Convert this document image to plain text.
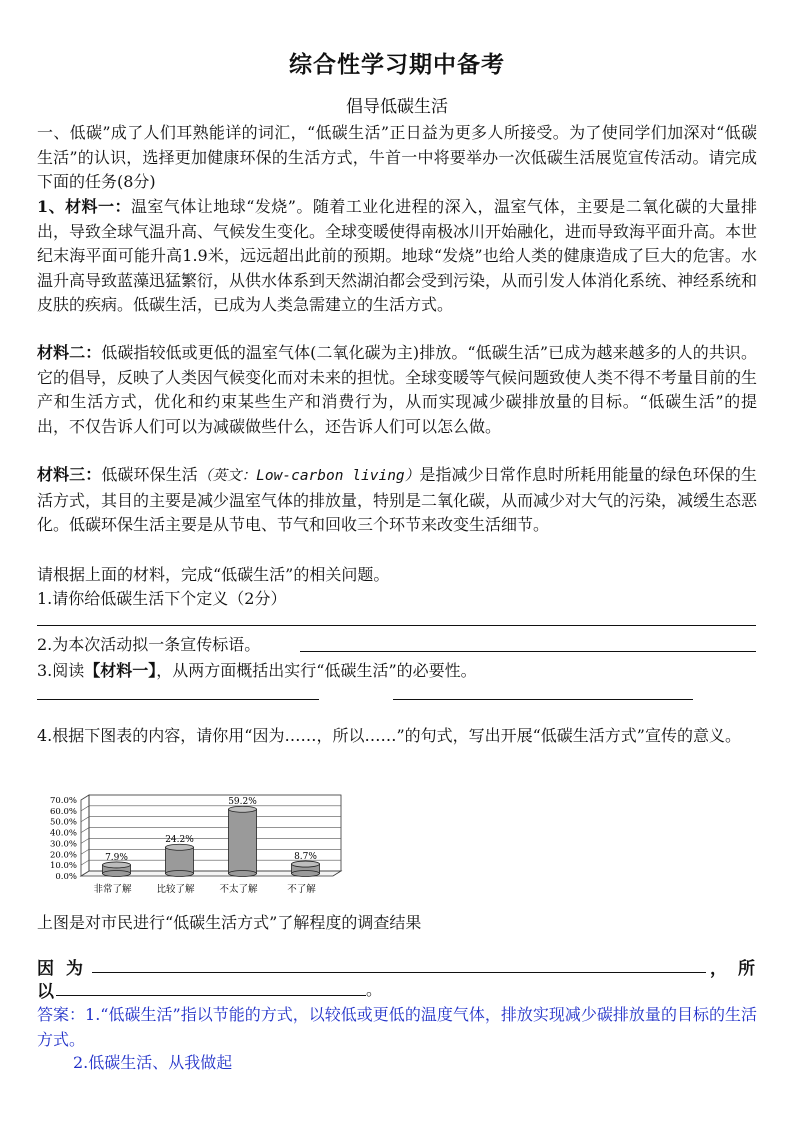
综合性学习期中备考
倡导低碳生活
一、低碳”成了人们耳熟能详的词汇，“低碳生活”正日益为更多人所接受。为了使同学们加深对“低碳生活”的认识，选择更加健康环保的生活方式，牛首一中将要举办一次低碳生活展览宣传活动。请完成下面的任务(8分)
1、材料一：温室气体让地球“发烧”。随着工业化进程的深入，温室气体，主要是二氧化碳的大量排出，导致全球气温升高、气候发生变化。全球变暖使得南极冰川开始融化，进而导致海平面升高。本世纪末海平面可能升高1.9米，远远超出此前的预期。地球“发烧”也给人类的健康造成了巨大的危害。水温升高导致蓝藻迅猛繁衍，从供水体系到天然湖泊都会受到污染，从而引发人体消化系统、神经系统和皮肤的疾病。低碳生活，已成为人类急需建立的生活方式。
材料二：低碳指较低或更低的温室气体(二氧化碳为主)排放。“低碳生活”已成为越来越多的人的共识。它的倡导，反映了人类因气候变化而对未来的担忧。全球变暖等气候问题致使人类不得不考量目前的生产和生活方式，优化和约束某些生产和消费行为，从而实现减少碳排放量的目标。“低碳生活”的提出，不仅告诉人们可以为减碳做些什么，还告诉人们可以怎么做。
材料三：低碳环保生活（英文：Low-carbon living）是指减少日常作息时所耗用能量的绿色环保的生活方式，其目的主要是减少温室气体的排放量，特别是二氧化碳，从而减少对大气的污染，减缓生态恶化。低碳环保生活主要是从节电、节气和回收三个环节来改变生活细节。
请根据上面的材料，完成“低碳生活”的相关问题。
1.请你给低碳生活下个定义（2分）
2.为本次活动拟一条宣传标语。
3.阅读【材料一】，从两方面概括出实行“低碳生活”的必要性。
4.根据下图表的内容，请你用“因为……，所以……”的句式，写出开展“低碳生活方式”宣传的意义。
0.0%
10.0%
20.0%
30.0%
40.0%
50.0%
60.0%
70.0%
7.9%
非常了解
24.2%
比较了解
59.2%
不太了解
8.7%
不了解
上图是对市民进行“低碳生活方式”了解程度的调查结果
因 为	， 所
以	。
答案：1.“低碳生活”指以节能的方式，以较低或更低的温度气体，排放实现减少碳排放量的目标的生活方式。
2.低碳生活、从我做起
